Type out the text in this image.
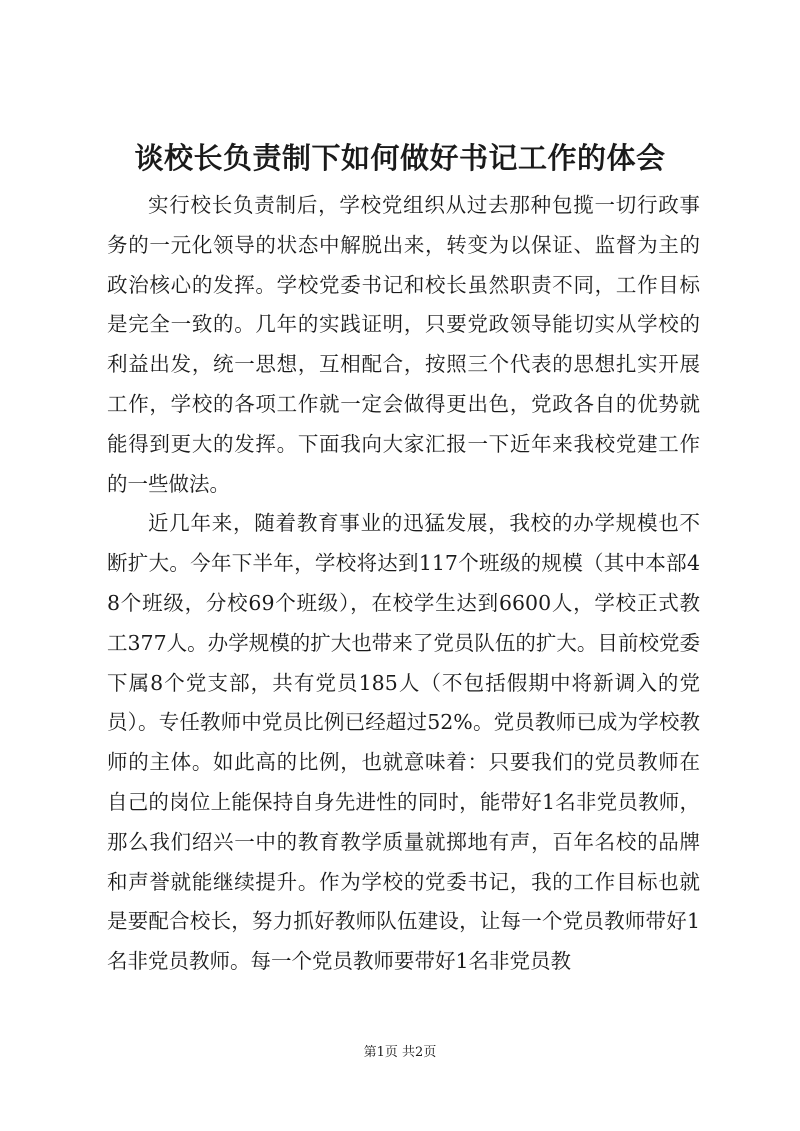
谈校长负责制下如何做好书记工作的体会

实行校长负责制后，学校党组织从过去那种包揽一切行政事务的一元化领导的状态中解脱出来，转变为以保证、监督为主的政治核心的发挥。学校党委书记和校长虽然职责不同，工作目标是完全一致的。几年的实践证明，只要党政领导能切实从学校的利益出发，统一思想，互相配合，按照三个代表的思想扎实开展工作，学校的各项工作就一定会做得更出色，党政各自的优势就能得到更大的发挥。下面我向大家汇报一下近年来我校党建工作的一些做法。

近几年来，随着教育事业的迅猛发展，我校的办学规模也不断扩大。今年下半年，学校将达到117个班级的规模（其中本部48个班级，分校69个班级），在校学生达到6600人，学校正式教工377人。办学规模的扩大也带来了党员队伍的扩大。目前校党委下属8个党支部，共有党员185人（不包括假期中将新调入的党员）。专任教师中党员比例已经超过52%。党员教师已成为学校教师的主体。如此高的比例，也就意味着：只要我们的党员教师在自己的岗位上能保持自身先进性的同时，能带好1名非党员教师，那么我们绍兴一中的教育教学质量就掷地有声，百年名校的品牌和声誉就能继续提升。作为学校的党委书记，我的工作目标也就是要配合校长，努力抓好教师队伍建设，让每一个党员教师带好1名非党员教师。每一个党员教师要带好1名非党员教

第1页 共2页
